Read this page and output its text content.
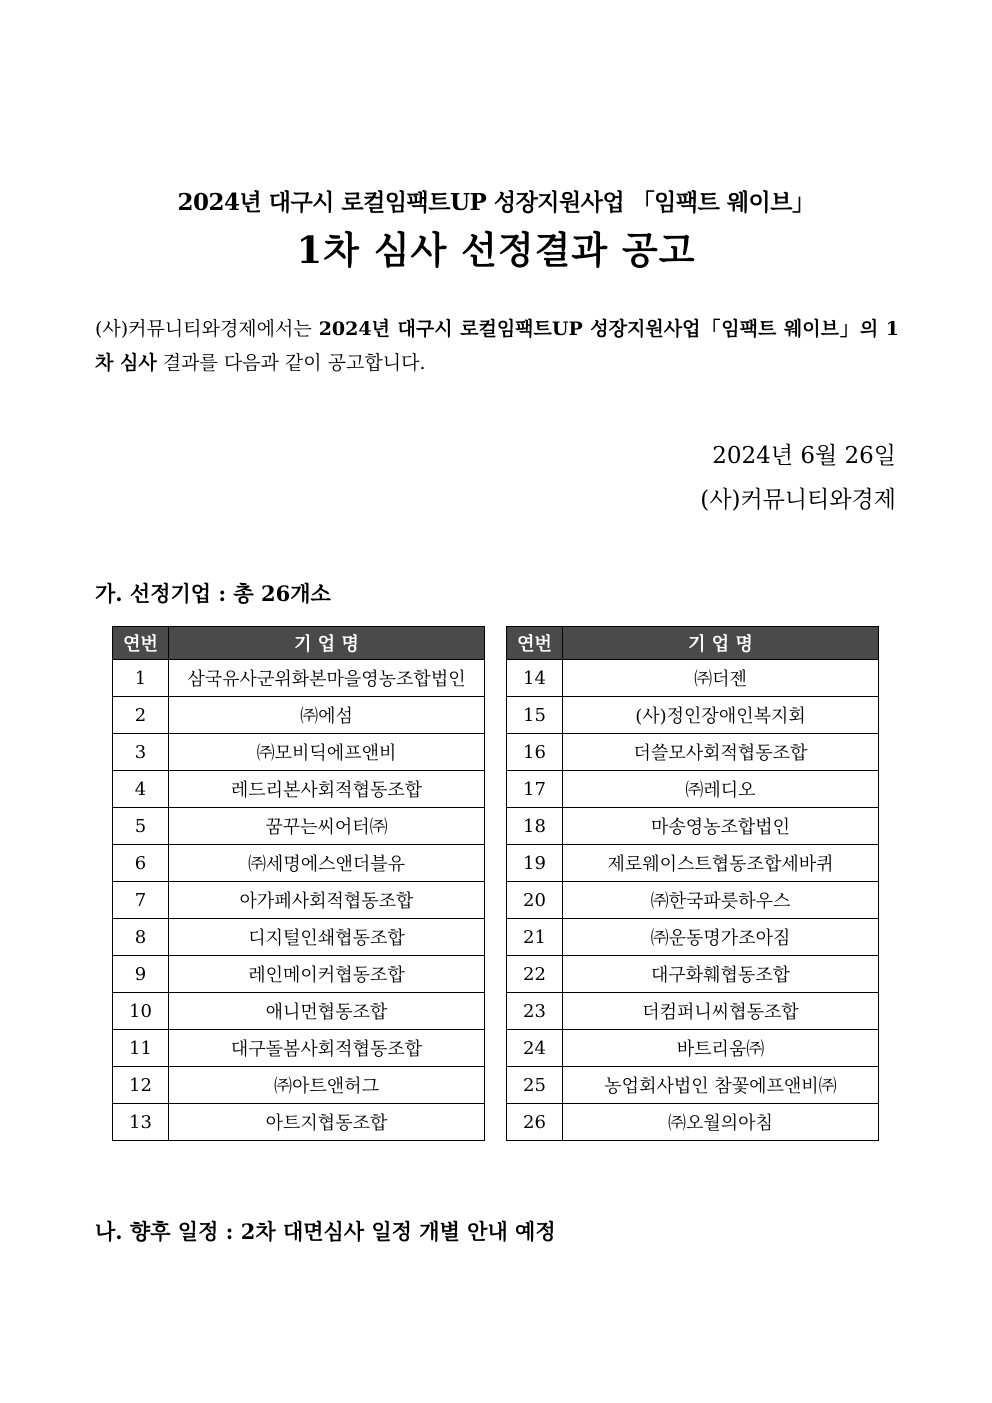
2024년 대구시 로컬임팩트UP 성장지원사업 「임팩트 웨이브」
1차 심사 선정결과 공고
(사)커뮤니티와경제에서는 2024년 대구시 로컬임팩트UP 성장지원사업「임팩트 웨이브」의 1차 심사 결과를 다음과 같이 공고합니다.
2024년 6월 26일
(사)커뮤니티와경제
가. 선정기업 : 총 26개소
연번	기 업 명
1	삼국유사군위화본마을영농조합법인
2	㈜에섬
3	㈜모비딕에프앤비
4	레드리본사회적협동조합
5	꿈꾸는씨어터㈜
6	㈜세명에스앤더블유
7	아가페사회적협동조합
8	디지털인쇄협동조합
9	레인메이커협동조합
10	애니먼협동조합
11	대구돌봄사회적협동조합
12	㈜아트앤허그
13	아트지협동조합
연번	기 업 명
14	㈜더젠
15	(사)정인장애인복지회
16	더쓸모사회적협동조합
17	㈜레디오
18	마송영농조합법인
19	제로웨이스트협동조합세바퀴
20	㈜한국파릇하우스
21	㈜운동명가조아짐
22	대구화훼협동조합
23	더컴퍼니씨협동조합
24	바트리움㈜
25	농업회사법인 참꽃에프앤비㈜
26	㈜오월의아침
나. 향후 일정 : 2차 대면심사 일정 개별 안내 예정
